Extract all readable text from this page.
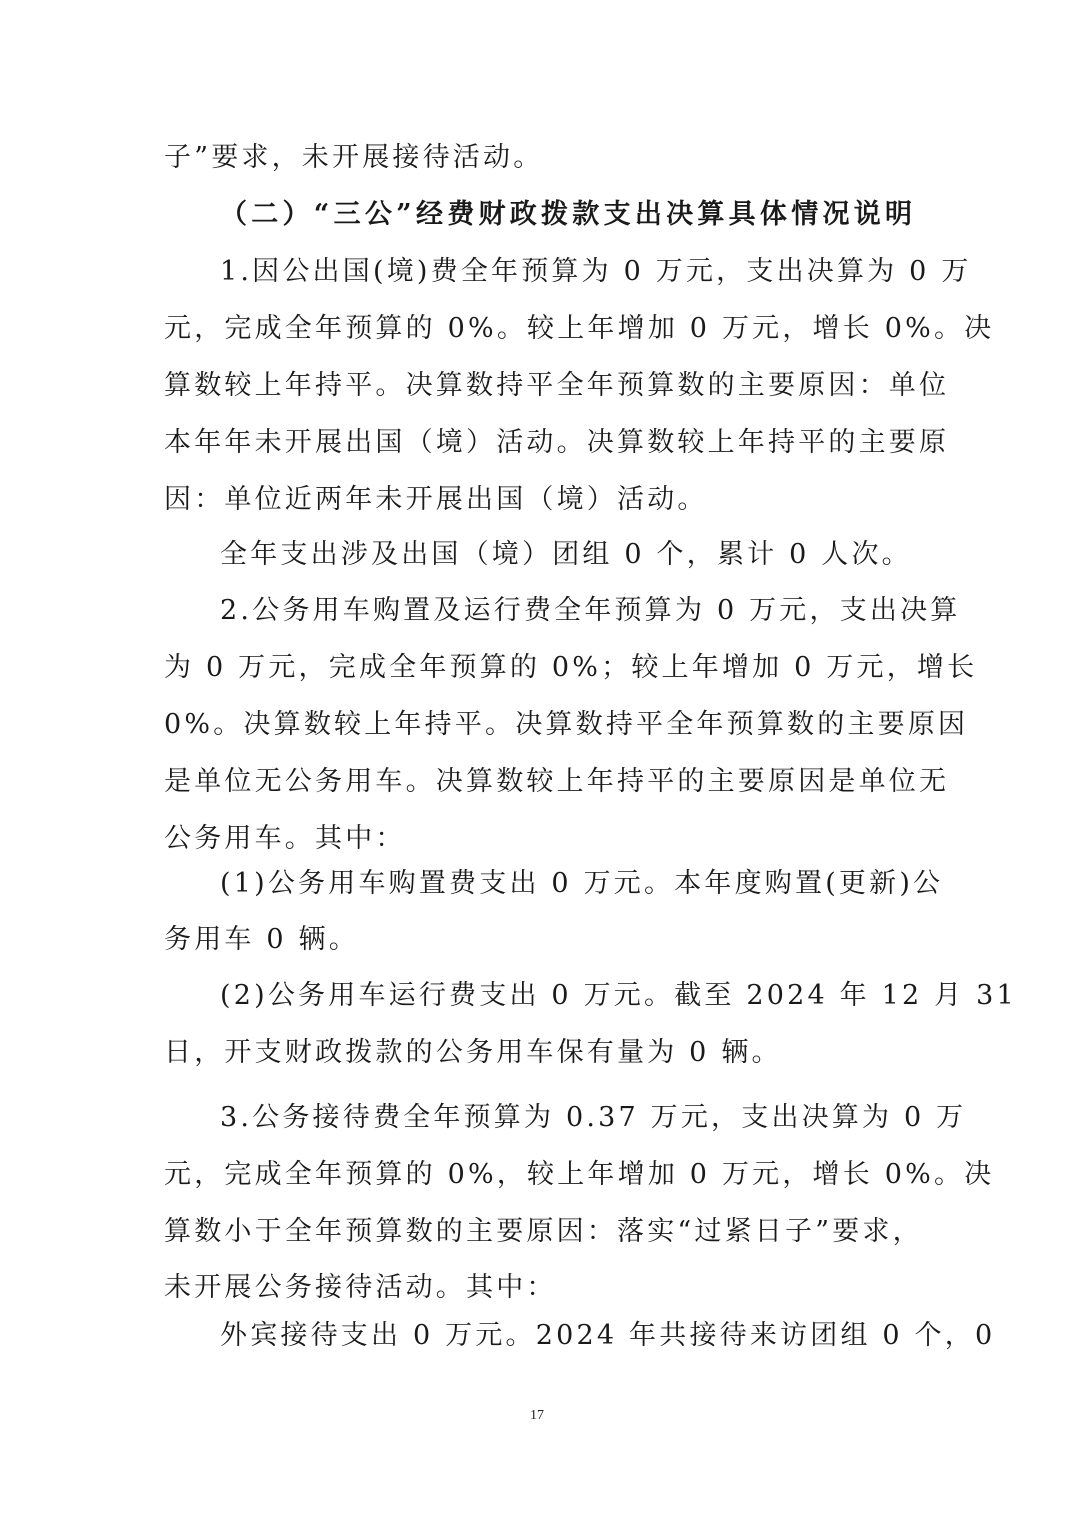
子”要求，未开展接待活动。
（二）“三公”经费财政拨款支出决算具体情况说明
1.因公出国(境)费全年预算为 0 万元，支出决算为 0 万
元，完成全年预算的 0%。较上年增加 0 万元，增长 0%。决
算数较上年持平。决算数持平全年预算数的主要原因：单位
本年年未开展出国（境）活动。决算数较上年持平的主要原
因：单位近两年未开展出国（境）活动。
全年支出涉及出国（境）团组 0 个，累计 0 人次。
2.公务用车购置及运行费全年预算为 0 万元，支出决算
为 0 万元，完成全年预算的 0%；较上年增加 0 万元，增长
0%。决算数较上年持平。决算数持平全年预算数的主要原因
是单位无公务用车。决算数较上年持平的主要原因是单位无
公务用车。其中：
(1)公务用车购置费支出 0 万元。本年度购置(更新)公
务用车 0 辆。
(2)公务用车运行费支出 0 万元。截至 2024 年 12 月 31
日，开支财政拨款的公务用车保有量为 0 辆。
3.公务接待费全年预算为 0.37 万元，支出决算为 0 万
元，完成全年预算的 0%，较上年增加 0 万元，增长 0%。决
算数小于全年预算数的主要原因：落实“过紧日子”要求，
未开展公务接待活动。其中：
外宾接待支出 0 万元。2024 年共接待来访团组 0 个，0
17
